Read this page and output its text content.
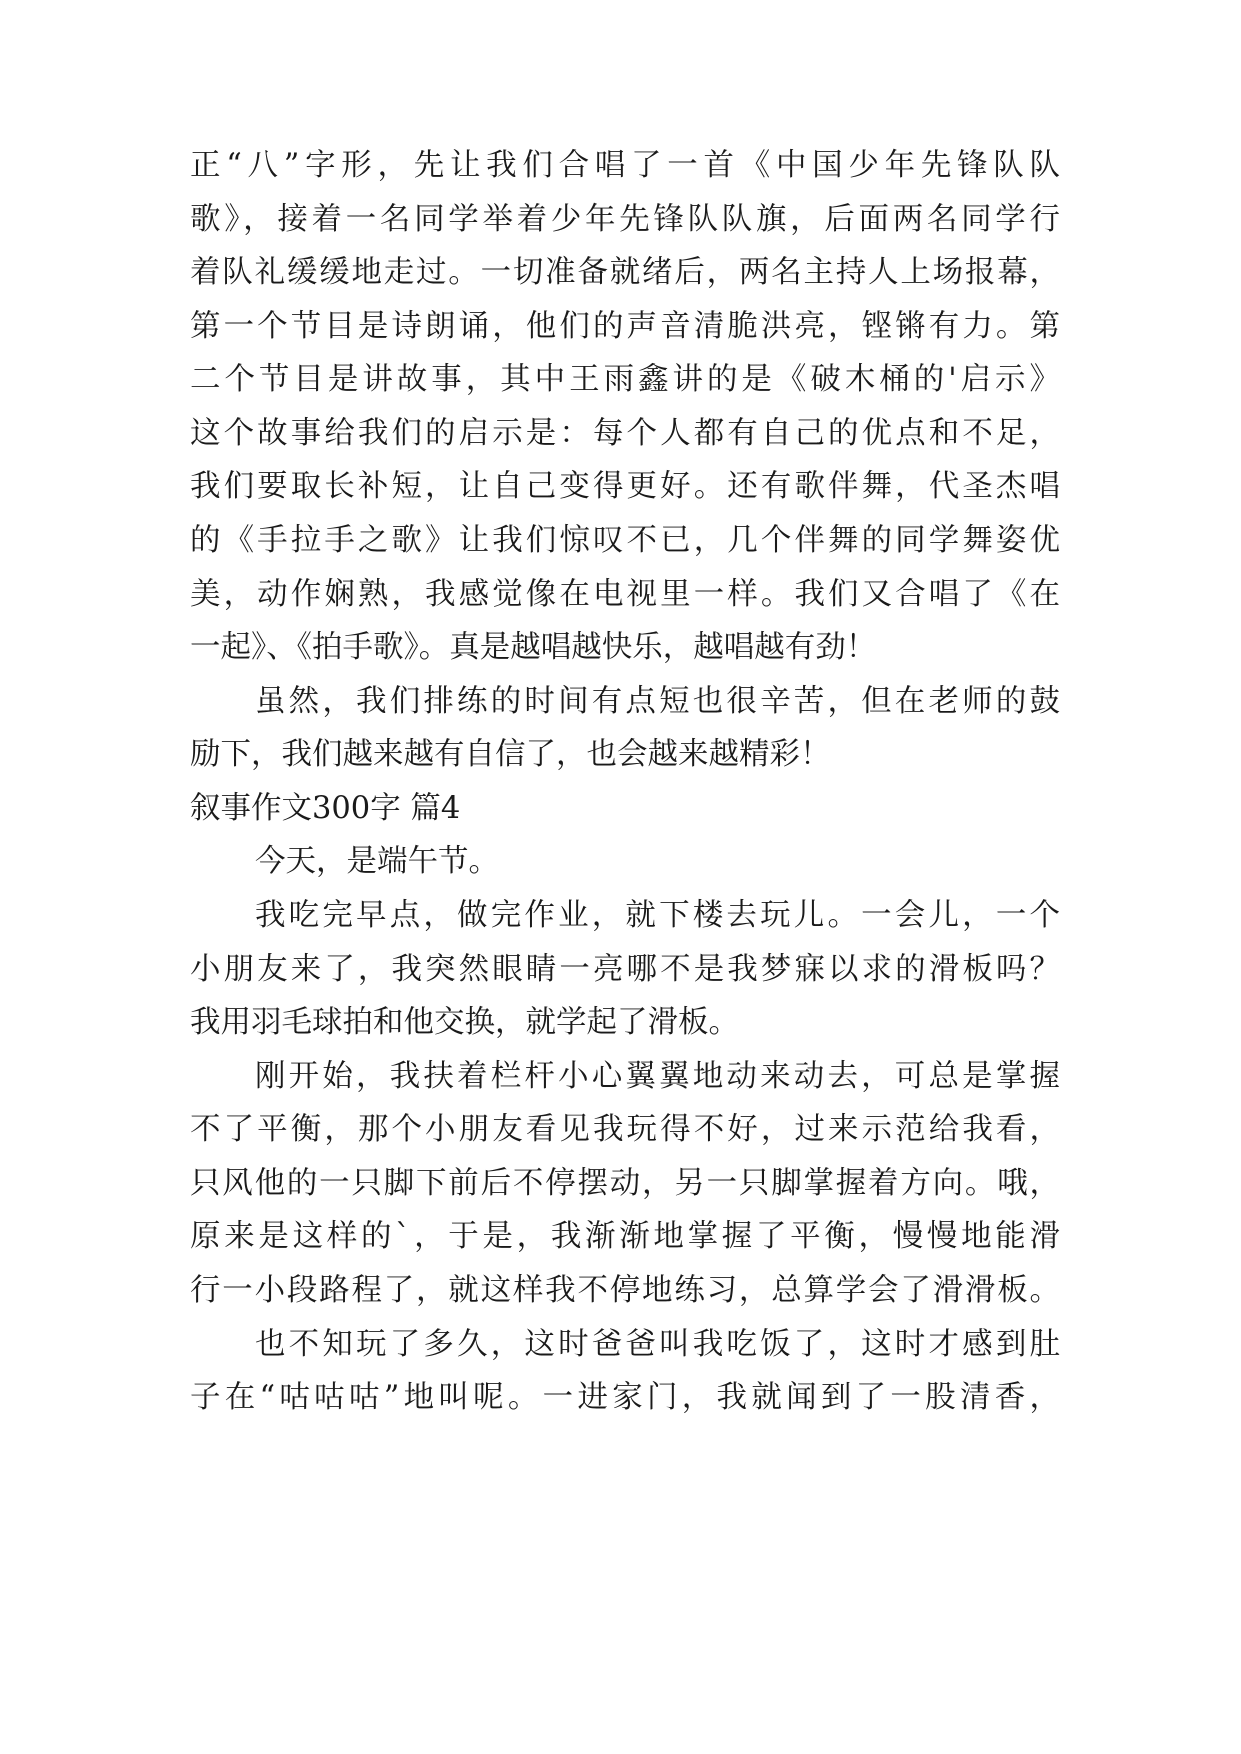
正“八”字形，先让我们合唱了一首《中国少年先锋队队
歌》，接着一名同学举着少年先锋队队旗，后面两名同学行
着队礼缓缓地走过。一切准备就绪后，两名主持人上场报幕，
第一个节目是诗朗诵，他们的声音清脆洪亮，铿锵有力。第
二个节目是讲故事，其中王雨鑫讲的是《破木桶的'启示》
这个故事给我们的启示是：每个人都有自己的优点和不足，
我们要取长补短，让自己变得更好。还有歌伴舞，代圣杰唱
的《手拉手之歌》让我们惊叹不已，几个伴舞的同学舞姿优
美，动作娴熟，我感觉像在电视里一样。我们又合唱了《在
一起》、《拍手歌》。真是越唱越快乐，越唱越有劲！
虽然，我们排练的时间有点短也很辛苦，但在老师的鼓
励下，我们越来越有自信了，也会越来越精彩！
叙事作文300字 篇4
今天，是端午节。
我吃完早点，做完作业，就下楼去玩儿。一会儿，一个
小朋友来了，我突然眼睛一亮哪不是我梦寐以求的滑板吗？
我用羽毛球拍和他交换，就学起了滑板。
刚开始，我扶着栏杆小心翼翼地动来动去，可总是掌握
不了平衡，那个小朋友看见我玩得不好，过来示范给我看，
只风他的一只脚下前后不停摆动，另一只脚掌握着方向。哦，
原来是这样的`，于是，我渐渐地掌握了平衡，慢慢地能滑
行一小段路程了，就这样我不停地练习，总算学会了滑滑板。
也不知玩了多久，这时爸爸叫我吃饭了，这时才感到肚
子在“咕咕咕”地叫呢。一进家门，我就闻到了一股清香，
